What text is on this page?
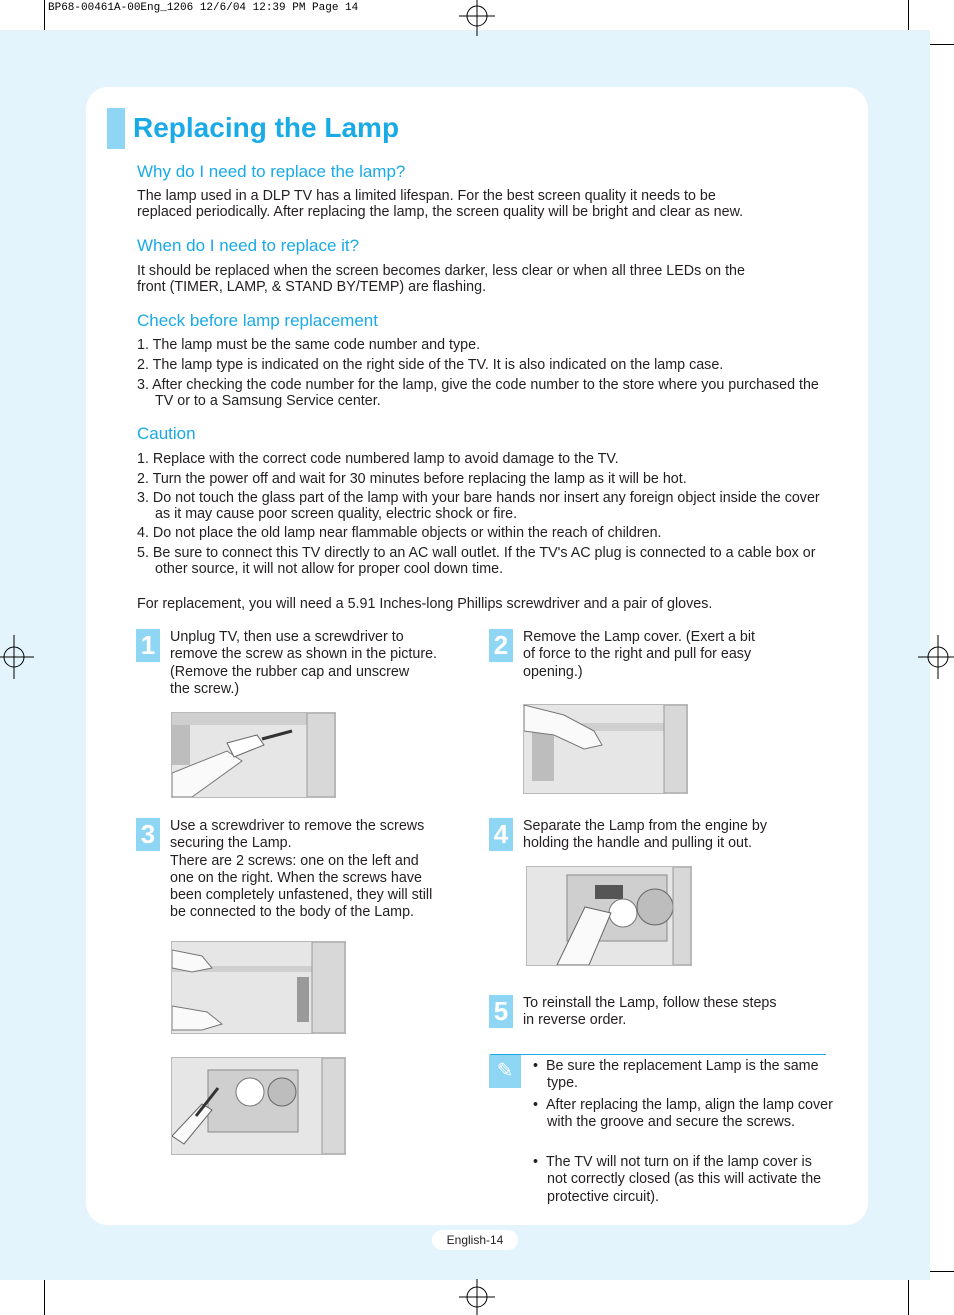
BP68-00461A-00Eng_1206 12/6/04 12:39 PM Page 14
Replacing the Lamp
Why do I need to replace the lamp?
The lamp used in a DLP TV has a limited lifespan. For the best screen quality it needs to be
replaced periodically. After replacing the lamp, the screen quality will be bright and clear as new.
When do I need to replace it?
It should be replaced when the screen becomes darker, less clear or when all three LEDs on the
front (TIMER, LAMP, & STAND BY/TEMP) are flashing.
Check before lamp replacement
1. The lamp must be the same code number and type.
2. The lamp type is indicated on the right side of the TV. It is also indicated on the lamp case.
3. After checking the code number for the lamp, give the code number to the store where you purchased the TV or to a Samsung Service center.
Caution
1. Replace with the correct code numbered lamp to avoid damage to the TV.
2. Turn the power off and wait for 30 minutes before replacing the lamp as it will be hot.
3. Do not touch the glass part of the lamp with your bare hands nor insert any foreign object inside the cover as it may cause poor screen quality, electric shock or fire.
4. Do not place the old lamp near flammable objects or within the reach of children.
5. Be sure to connect this TV directly to an AC wall outlet. If the TV's AC plug is connected to a cable box or other source, it will not allow for proper cool down time.
For replacement, you will need a 5.91 Inches-long Phillips screwdriver and a pair of gloves.
1	Unplug TV, then use a screwdriver to
remove the screw as shown in the picture.
(Remove the rubber cap and unscrew
the screw.)
2	Remove the Lamp cover. (Exert a bit
of force to the right and pull for easy
opening.)
3	Use a screwdriver to remove the screws
securing the Lamp.
There are 2 screws: one on the left and
one on the right. When the screws have
been completely unfastened, they will still
be connected to the body of the Lamp.
4	Separate the Lamp from the engine by
holding the handle and pulling it out.
5	To reinstall the Lamp, follow these steps
in reverse order.
✎	•  Be sure the replacement Lamp is the same type.
•  After replacing the lamp, align the lamp cover with the groove and secure the screws.
•  The TV will not turn on if the lamp cover is not correctly closed (as this will activate the protective circuit).
English-14
